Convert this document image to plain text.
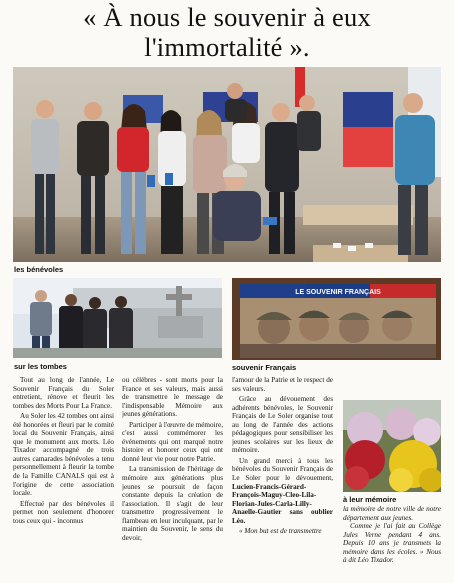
« À nous le souvenir à eux
l'immortalité ».
les bénévoles
sur les tombes
LE SOUVENIR FRANÇAIS
souvenir Français
à leur mémoire

Tout au long de l'année, Le Souvenir Français du Soler entretient, rénove et fleurit les tombes des Morts Pour La France.

Au Soler les 42 tombes ont ainsi été honorées et fleuri par le comité local du Souvenir Français, ainsi que le monument aux morts. Léo Tixador accompagné de trois autres camarades bénévoles a tenu personnellement à fleurir la tombe de la Famille CANALS qui est à l'origine de cette association locale.

Effectué par des bénévoles il permet non seulement d'honorer tous ceux qui - inconnus

ou célèbres - sont morts pour la France et ses valeurs, mais aussi de transmettre le message de l'indispensable Mémoire aux jeunes générations.

Participer à l'œuvre de mémoire, c'est aussi commémorer les événements qui ont marqué notre histoire et honorer ceux qui ont donné leur vie pour notre Patrie.

La transmission de l'héritage de mémoire aux générations plus jeunes se poursuit de façon constante depuis la création de l'association. Il s'agit de leur transmettre progressivement le flambeau en leur inculquant, par le maintien du Souvenir, le sens du devoir,

l'amour de la Patrie et le respect de ses valeurs.

Grâce au dévouement des adhérents bénévoles, le Souvenir Français de Le Soler organise tout au long de l'année des actions pédagogiques pour sensibiliser les jeunes scolaires sur les lieux de mémoire.

Un grand merci à tous les bénévoles du Souvenir Français de Le Soler pour le dévouement, Lucien-Francis-Gérard-François-Maguy-Cleo-Lila-Florian-Jules-Carla-Lilly-Anaelle-Gautier sans oublier Léo.

« Mon but est de transmettre

la mémoire de notre ville de notre département aux jeunes.

Comme je l'ai fait au Collège Jules Verne pendant 4 ans. Depuis 10 ans je transmets la mémoire dans les écoles. » Nous à dit Léo Tixador.
